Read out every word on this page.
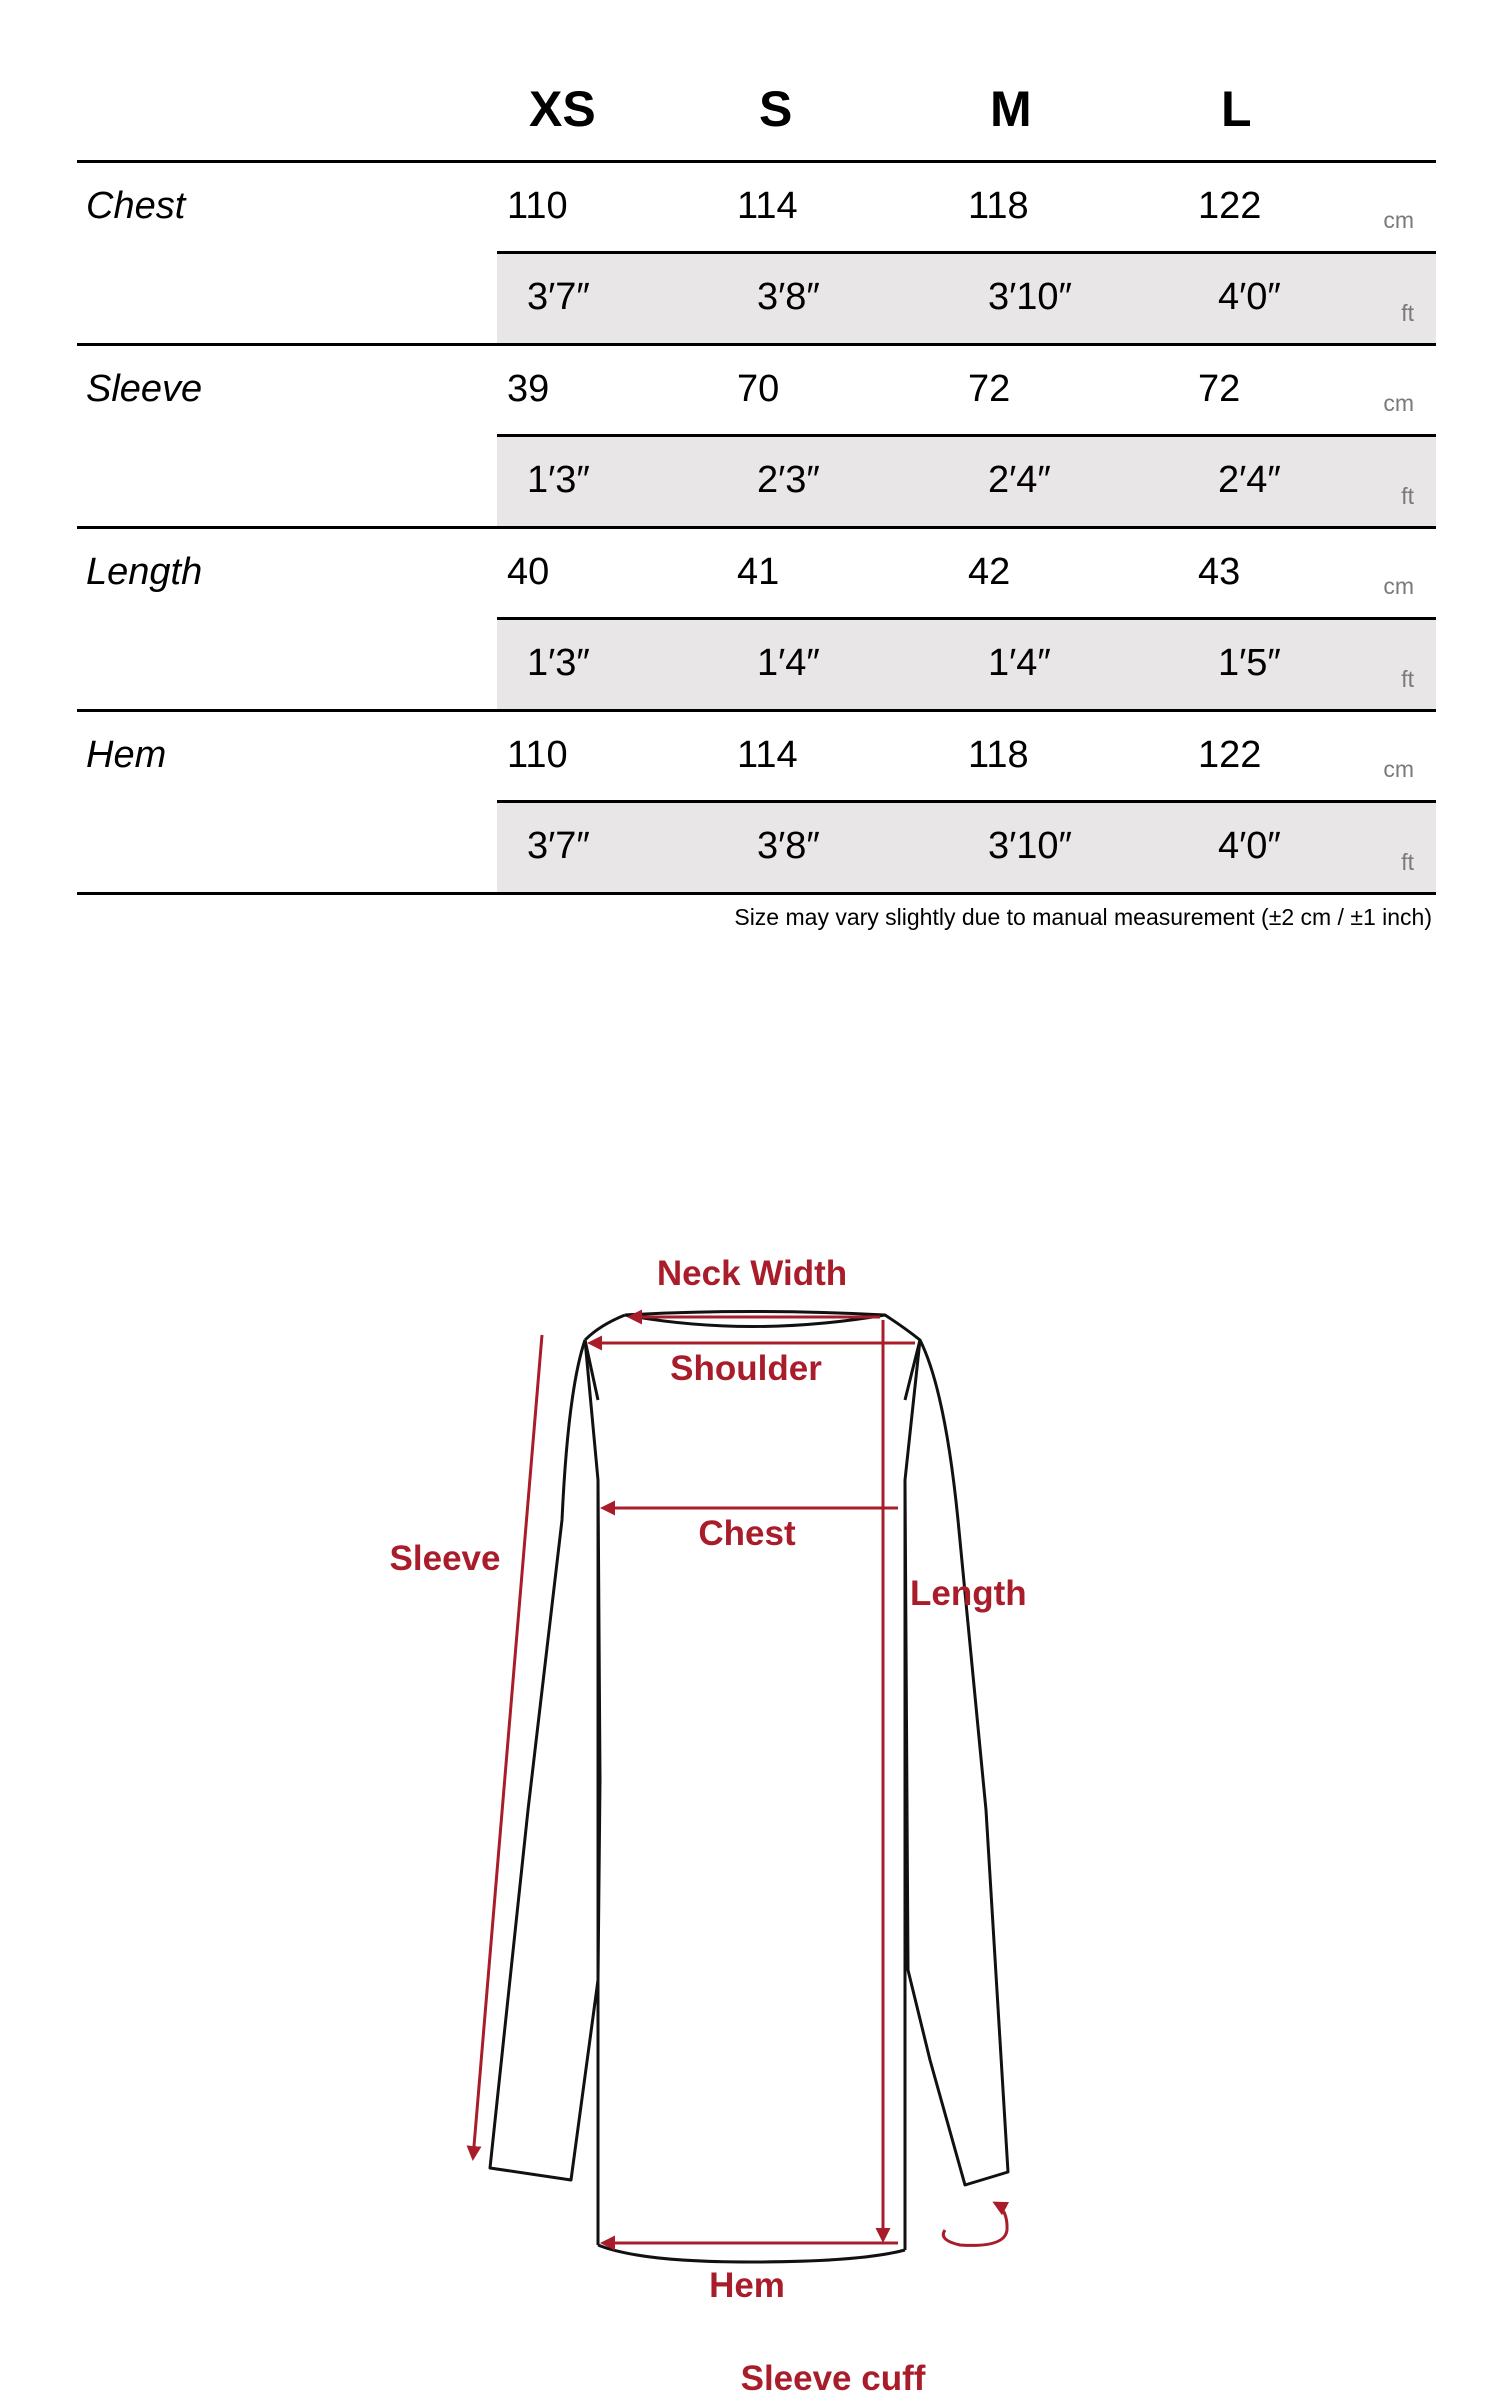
XS	S	M	L
Chest	110	114	118	122	cm
3′7″	3′8″	3′10″	4′0″	ft
Sleeve	39	70	72	72	cm
1′3″	2′3″	2′4″	2′4″	ft
Length	40	41	42	43	cm
1′3″	1′4″	1′4″	1′5″	ft
Hem	110	114	118	122	cm
3′7″	3′8″	3′10″	4′0″	ft
Size may vary slightly due to manual measurement (±2 cm / ±1 inch)
Neck Width
Shoulder
Chest
Sleeve
Length
Hem
Sleeve cuff
